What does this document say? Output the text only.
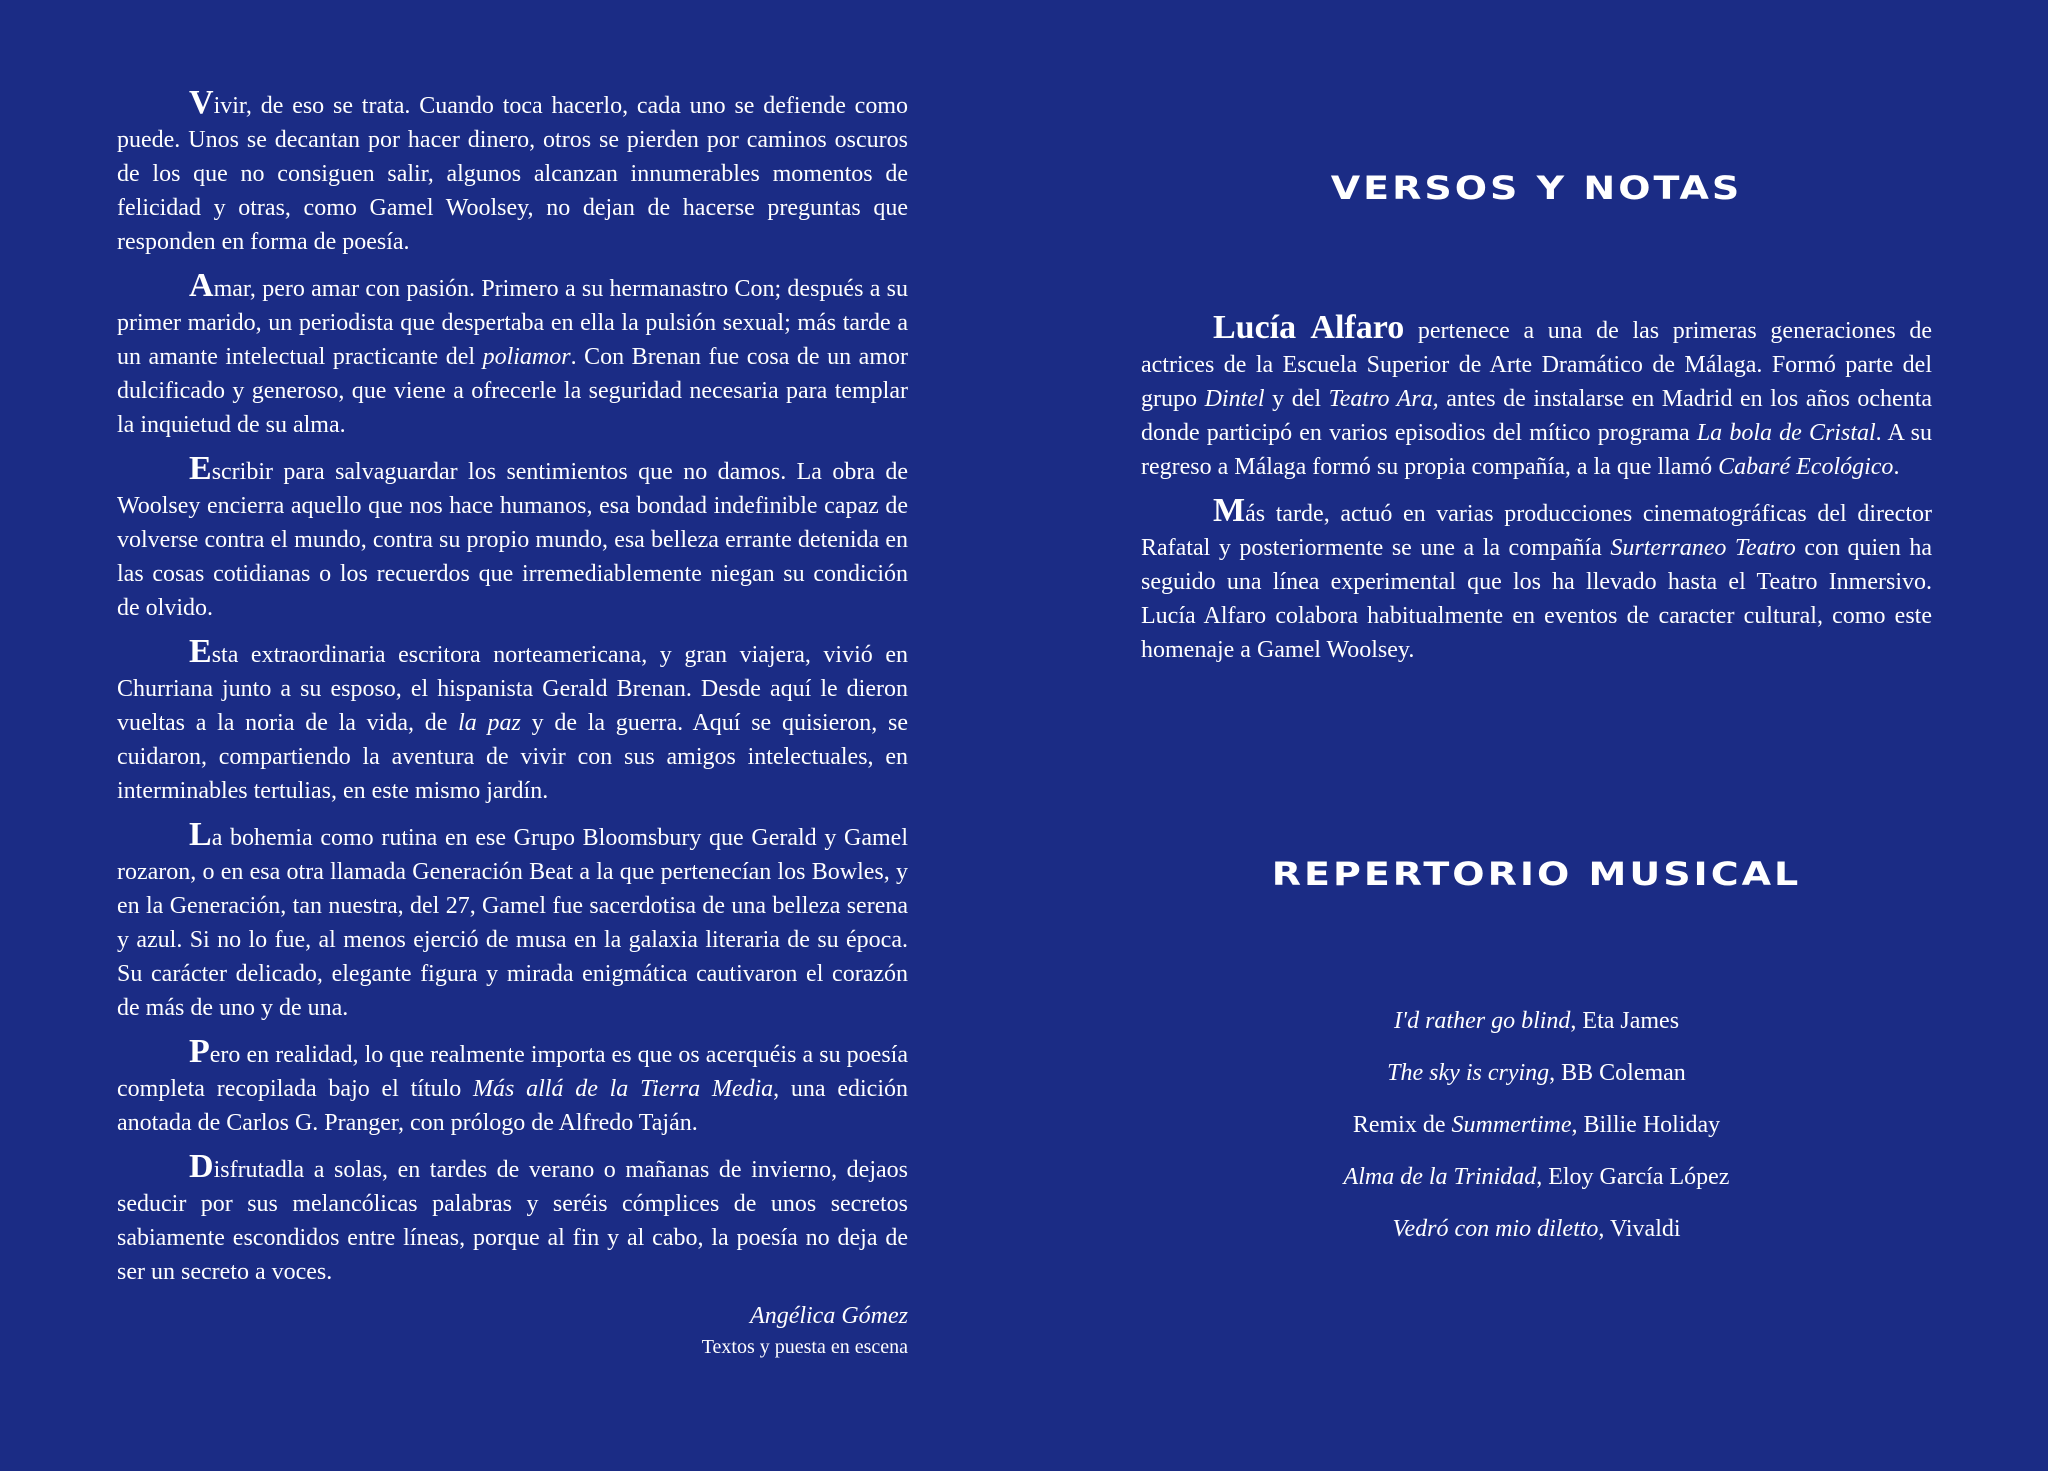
Vivir, de eso se trata. Cuando toca hacerlo, cada uno se defiende como puede. Unos se decantan por hacer dinero, otros se pierden por caminos oscuros de los que no consiguen salir, algunos alcanzan innumerables momentos de felicidad y otras, como Gamel Woolsey, no dejan de hacerse preguntas que responden en forma de poesía.

Amar, pero amar con pasión. Primero a su hermanastro Con; después a su primer marido, un periodista que despertaba en ella la pulsión sexual; más tarde a un amante intelectual practicante del poliamor. Con Brenan fue cosa de un amor dulcificado y generoso, que viene a ofrecerle la seguridad necesaria para templar la inquietud de su alma.

Escribir para salvaguardar los sentimientos que no damos. La obra de Woolsey encierra aquello que nos hace humanos, esa bondad indefinible capaz de volverse contra el mundo, contra su propio mundo, esa belleza errante detenida en las cosas cotidianas o los recuerdos que irremediablemente niegan su condición de olvido.

Esta extraordinaria escritora norteamericana, y gran viajera, vivió en Churriana junto a su esposo, el hispanista Gerald Brenan. Desde aquí le dieron vueltas a la noria de la vida, de la paz y de la guerra. Aquí se quisieron, se cuidaron, compartiendo la aventura de vivir con sus amigos intelectuales, en interminables tertulias, en este mismo jardín.

La bohemia como rutina en ese Grupo Bloomsbury que Gerald y Gamel rozaron, o en esa otra llamada Generación Beat a la que pertenecían los Bowles, y en la Generación, tan nuestra, del 27, Gamel fue sacerdotisa de una belleza serena y azul. Si no lo fue, al menos ejerció de musa en la galaxia literaria de su época. Su carácter delicado, elegante figura y mirada enigmática cautivaron el corazón de más de uno y de una.

Pero en realidad, lo que realmente importa es que os acerquéis a su poesía completa recopilada bajo el título Más allá de la Tierra Media, una edición anotada de Carlos G. Pranger, con prólogo de Alfredo Taján.

Disfrutadla a solas, en tardes de verano o mañanas de invierno, dejaos seducir por sus melancólicas palabras y seréis cómplices de unos secretos sabiamente escondidos entre líneas, porque al fin y al cabo, la poesía no deja de ser un secreto a voces.

Angélica Gómez
Textos y puesta en escena
VERSOS Y NOTAS

Lucía Alfaro pertenece a una de las primeras generaciones de actrices de la Escuela Superior de Arte Dramático de Málaga. Formó parte del grupo Dintel y del Teatro Ara, antes de instalarse en Madrid en los años ochenta donde participó en varios episodios del mítico programa La bola de Cristal. A su regreso a Málaga formó su propia compañía, a la que llamó Cabaré Ecológico.

Más tarde, actuó en varias producciones cinematográficas del director Rafatal y posteriormente se une a la compañía Surterraneo Teatro con quien ha seguido una línea experimental que los ha llevado hasta el Teatro Inmersivo. Lucía Alfaro colabora habitualmente en eventos de caracter cultural, como este homenaje a Gamel Woolsey.

REPERTORIO MUSICAL
I'd rather go blind, Eta James
The sky is crying, BB Coleman
Remix de Summertime, Billie Holiday
Alma de la Trinidad, Eloy García López
Vedró con mio diletto, Vivaldi
